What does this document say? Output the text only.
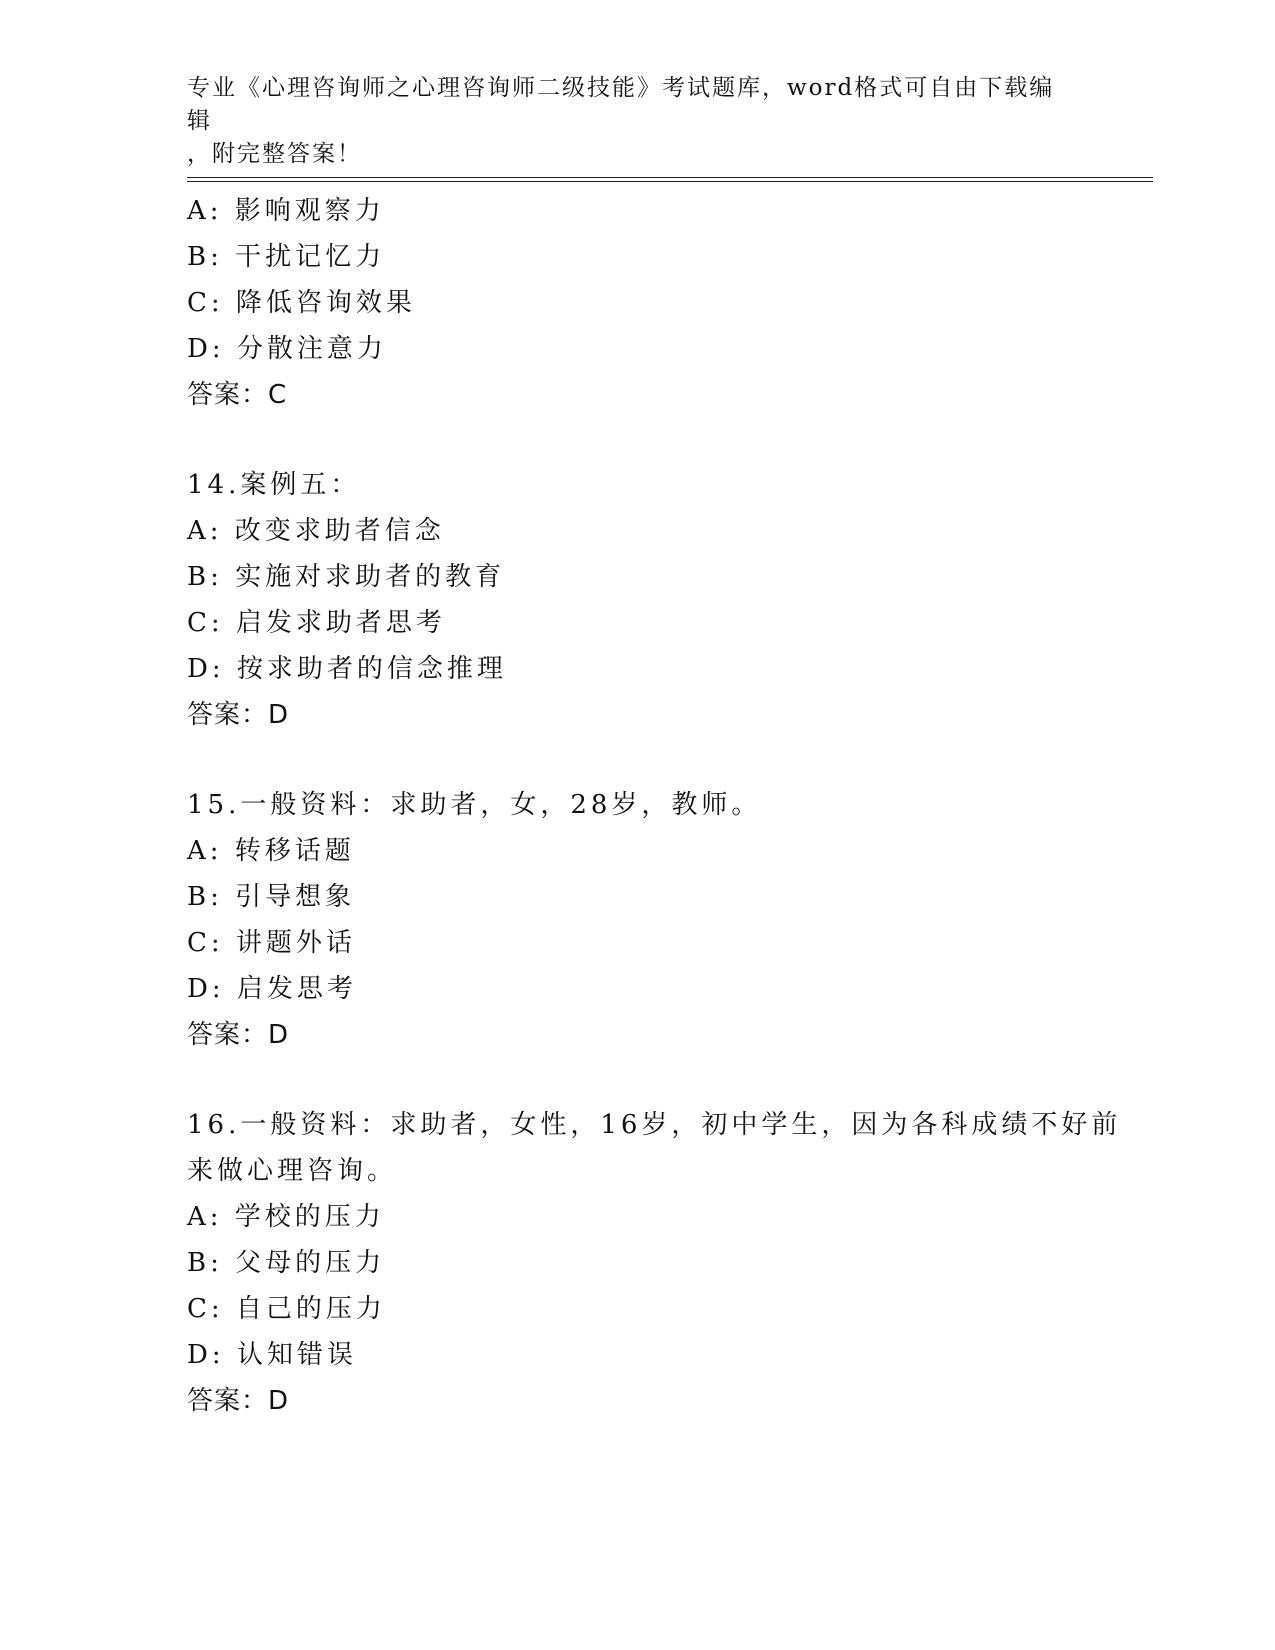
专业《心理咨询师之心理咨询师二级技能》考试题库，word格式可自由下载编辑
，附完整答案！
A: 影响观察力
B: 干扰记忆力
C: 降低咨询效果
D: 分散注意力
答案：C
14.案例五：
A: 改变求助者信念
B: 实施对求助者的教育
C: 启发求助者思考
D: 按求助者的信念推理
答案：D
15.一般资料：求助者，女，28岁，教师。
A: 转移话题
B: 引导想象
C: 讲题外话
D: 启发思考
答案：D
16.一般资料：求助者，女性，16岁，初中学生，因为各科成绩不好前
来做心理咨询。
A: 学校的压力
B: 父母的压力
C: 自己的压力
D: 认知错误
答案：D
